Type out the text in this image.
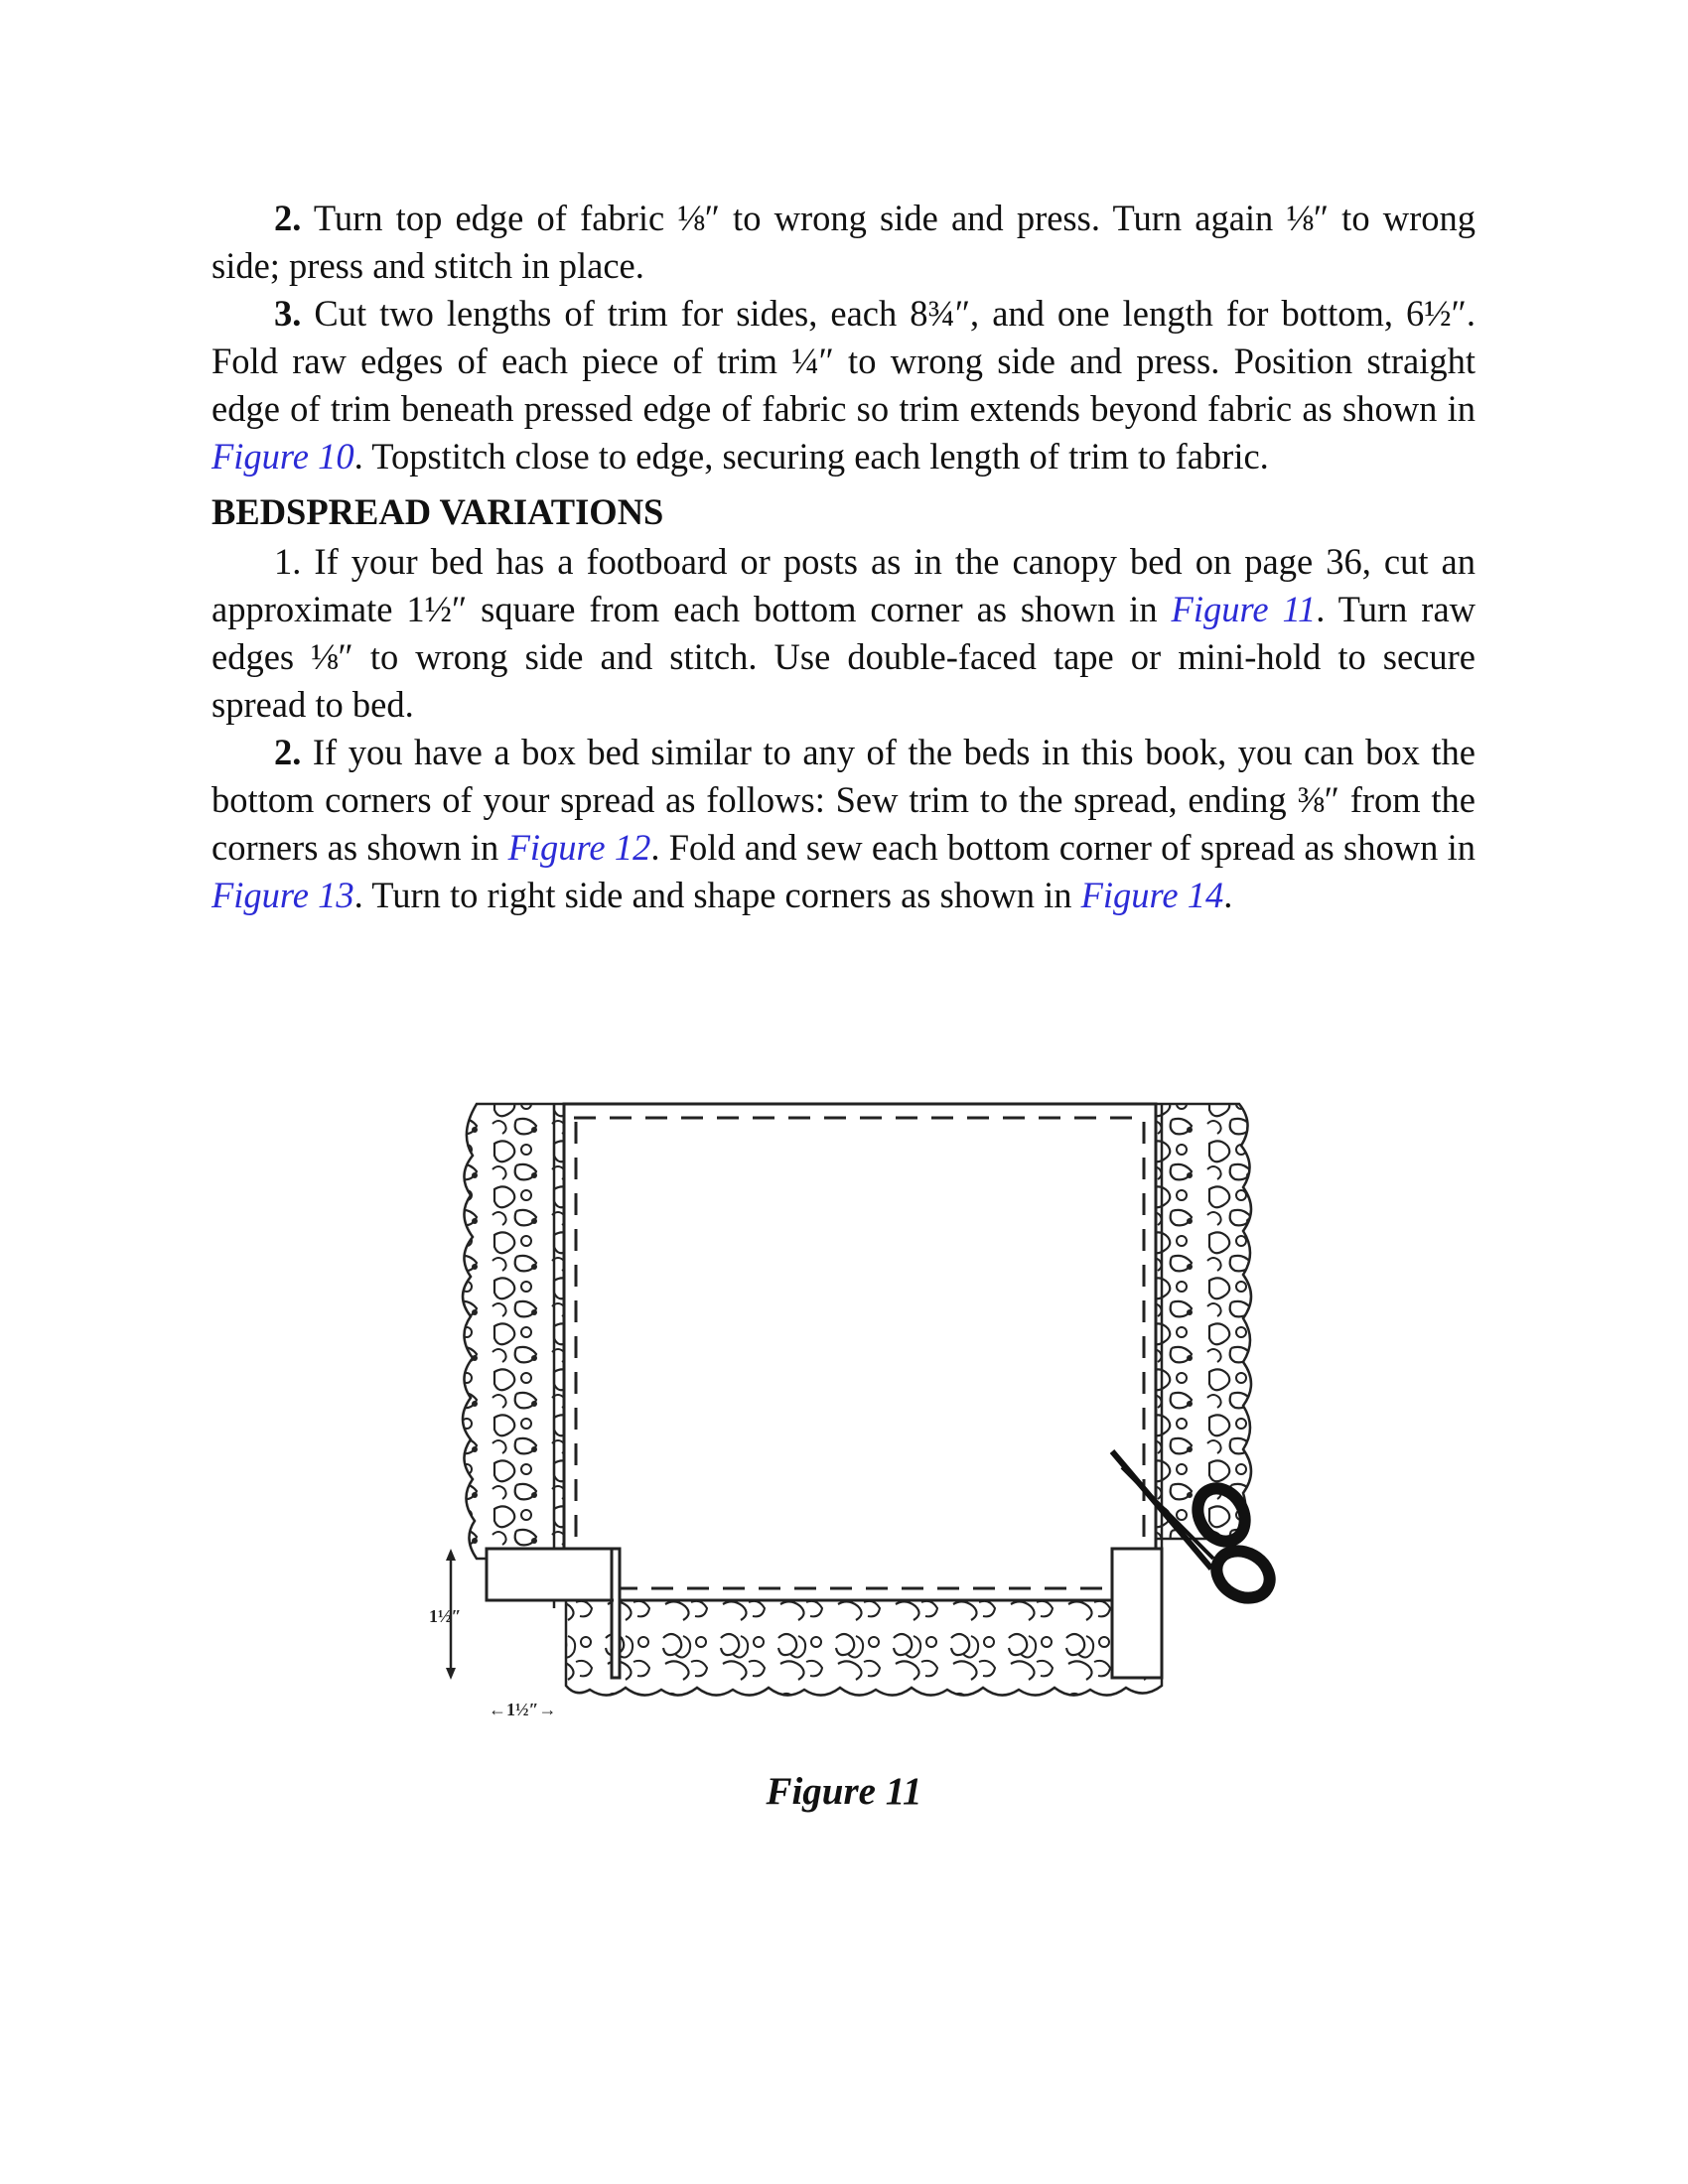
2. Turn top edge of fabric ⅛″ to wrong side and press. Turn again ⅛″ to wrong side; press and stitch in place.

3. Cut two lengths of trim for sides, each 8¾″, and one length for bottom, 6½″. Fold raw edges of each piece of trim ¼″ to wrong side and press. Position straight edge of trim beneath pressed edge of fabric so trim extends beyond fabric as shown in Figure 10. Topstitch close to edge, securing each length of trim to fabric.

BEDSPREAD VARIATIONS

1. If your bed has a footboard or posts as in the canopy bed on page 36, cut an approximate 1½″ square from each bottom corner as shown in Figure 11. Turn raw edges ⅛″ to wrong side and stitch. Use double-faced tape or mini-hold to secure spread to bed.

2. If you have a box bed similar to any of the beds in this book, you can box the bottom corners of your spread as follows: Sew trim to the spread, ending ⅜″ from the corners as shown in Figure 12. Fold and sew each bottom corner of spread as shown in Figure 13. Turn to right side and shape corners as shown in Figure 14.

1½″
←1½″→
Figure 11
